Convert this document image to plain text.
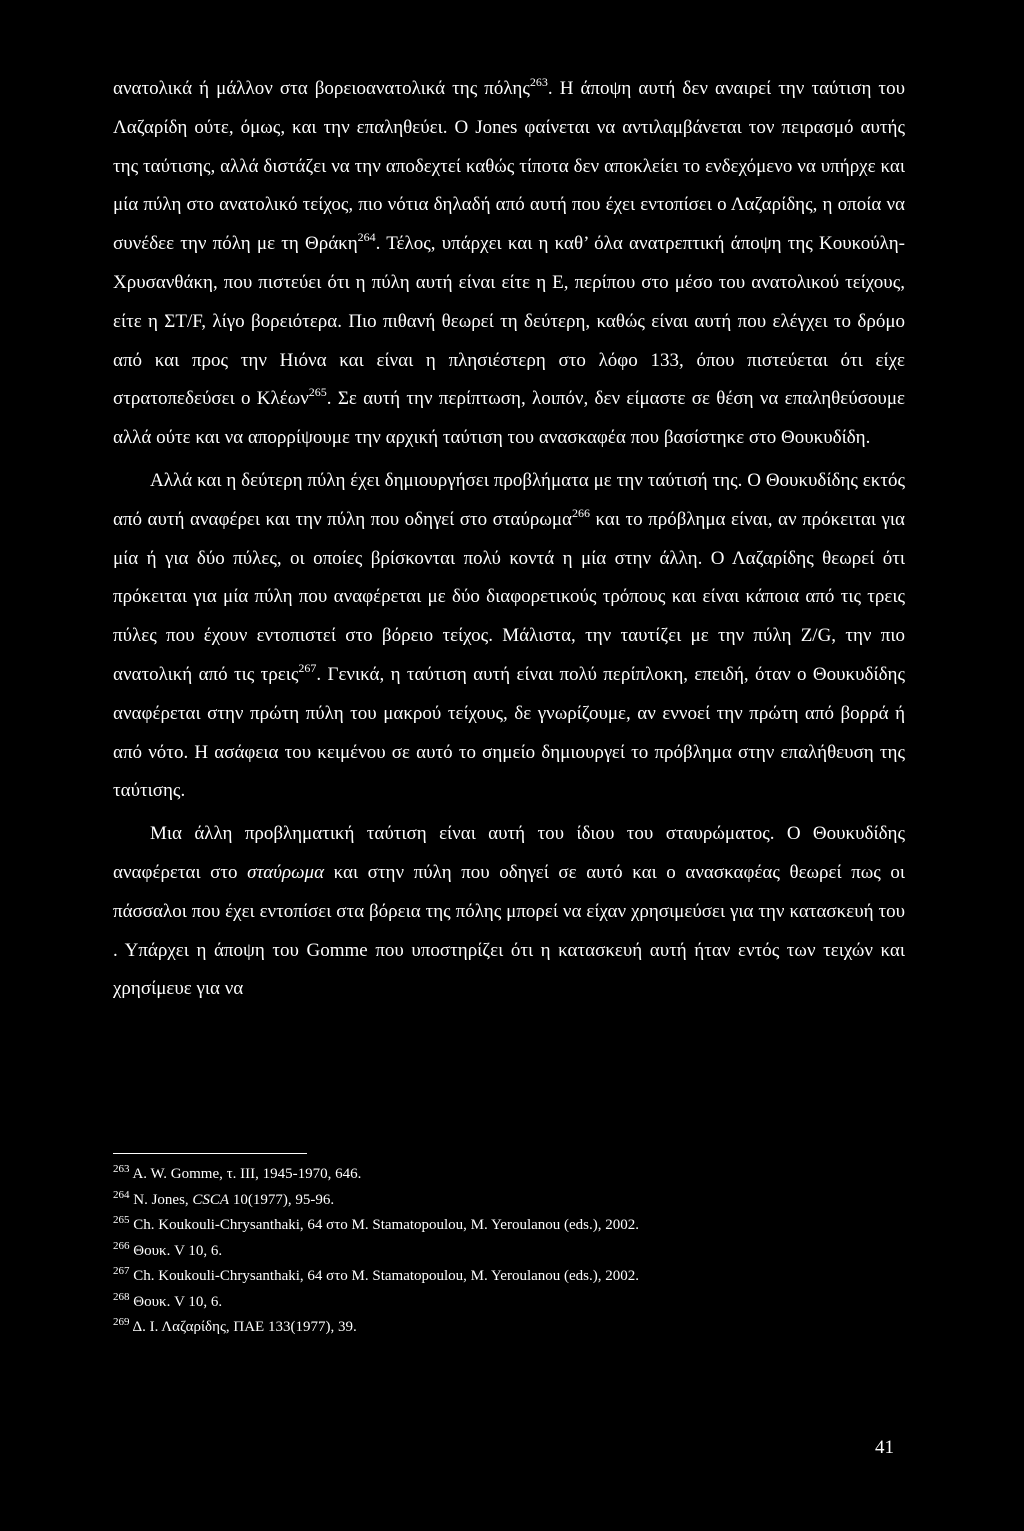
ανατολικά ή μάλλον στα βορειοανατολικά της πόλης$^{263}$. Η άποψη αυτή δεν αναιρεί την ταύτιση του Λαζαρίδη ούτε, όμως, και την επαληθεύει. Ο Jones φαίνεται να αντιλαμβάνεται τον πειρασμό αυτής της ταύτισης, αλλά διστάζει να την αποδεχτεί καθώς τίποτα δεν αποκλείει το ενδεχόμενο να υπήρχε και μία πύλη στο ανατολικό τείχος, πιο νότια δηλαδή από αυτή που έχει εντοπίσει ο Λαζαρίδης, η οποία να συνέδεε την πόλη με τη Θράκη$^{264}$. Τέλος, υπάρχει και η καθ’ όλα ανατρεπτική άποψη της Κουκούλη-Χρυσανθάκη, που πιστεύει ότι η πύλη αυτή είναι είτε η Ε, περίπου στο μέσο του ανατολικού τείχους, είτε η ΣΤ/F, λίγο βορειότερα. Πιο πιθανή θεωρεί τη δεύτερη, καθώς είναι αυτή που ελέγχει το δρόμο από και προς την Ηιόνα και είναι η πλησιέστερη στο λόφο 133, όπου πιστεύεται ότι είχε στρατοπεδεύσει ο Κλέων$^{265}$. Σε αυτή την περίπτωση, λοιπόν, δεν είμαστε σε θέση να επαληθεύσουμε αλλά ούτε και να απορρίψουμε την αρχική ταύτιση του ανασκαφέα που βασίστηκε στο Θουκυδίδη.

Αλλά και η δεύτερη πύλη έχει δημιουργήσει προβλήματα με την ταύτισή της. Ο Θουκυδίδης εκτός από αυτή αναφέρει και την πύλη που οδηγεί στο σταύρωμα$^{266}$ και το πρόβλημα είναι, αν πρόκειται για μία ή για δύο πύλες, οι οποίες βρίσκονται πολύ κοντά η μία στην άλλη. Ο Λαζαρίδης θεωρεί ότι πρόκειται για μία πύλη που αναφέρεται με δύο διαφορετικούς τρόπους και είναι κάποια από τις τρεις πύλες που έχουν εντοπιστεί στο βόρειο τείχος. Μάλιστα, την ταυτίζει με την πύλη Ζ/G, την πιο ανατολική από τις τρεις$^{267}$. Γενικά, η ταύτιση αυτή είναι πολύ περίπλοκη, επειδή, όταν ο Θουκυδίδης αναφέρεται στην πρώτη πύλη του μακρού τείχους, δε γνωρίζουμε, αν εννοεί την πρώτη από βορρά ή από νότο. Η ασάφεια του κειμένου σε αυτό το σημείο δημιουργεί το πρόβλημα στην επαλήθευση της ταύτισης.

Μια άλλη προβληματική ταύτιση είναι αυτή του ίδιου του σταυρώματος. Ο Θουκυδίδης αναφέρεται στο σταύρωμα και στην πύλη που οδηγεί σε αυτό και ο ανασκαφέας θεωρεί πως οι πάσσαλοι που έχει εντοπίσει στα βόρεια της πόλης μπορεί να είχαν χρησιμεύσει για την κατασκευή του . Υπάρχει η άποψη του Gomme που υποστηρίζει ότι η κατασκευή αυτή ήταν εντός των τειχών και χρησίμευε για να

$^{263}$ A. W. Gomme, τ. III, 1945-1970, 646.
$^{264}$ N. Jones, CSCA 10(1977), 95-96.
$^{265}$ Ch. Koukouli-Chrysanthaki, 64 στο M. Stamatopoulou, M. Yeroulanou (eds.), 2002.
$^{266}$ Θουκ. V 10, 6.
$^{267}$ Ch. Koukouli-Chrysanthaki, 64 στο M. Stamatopoulou, M. Yeroulanou (eds.), 2002.
$^{268}$ Θουκ. V 10, 6.
$^{269}$ Δ. Ι. Λαζαρίδης, ΠΑΕ 133(1977), 39.
41
